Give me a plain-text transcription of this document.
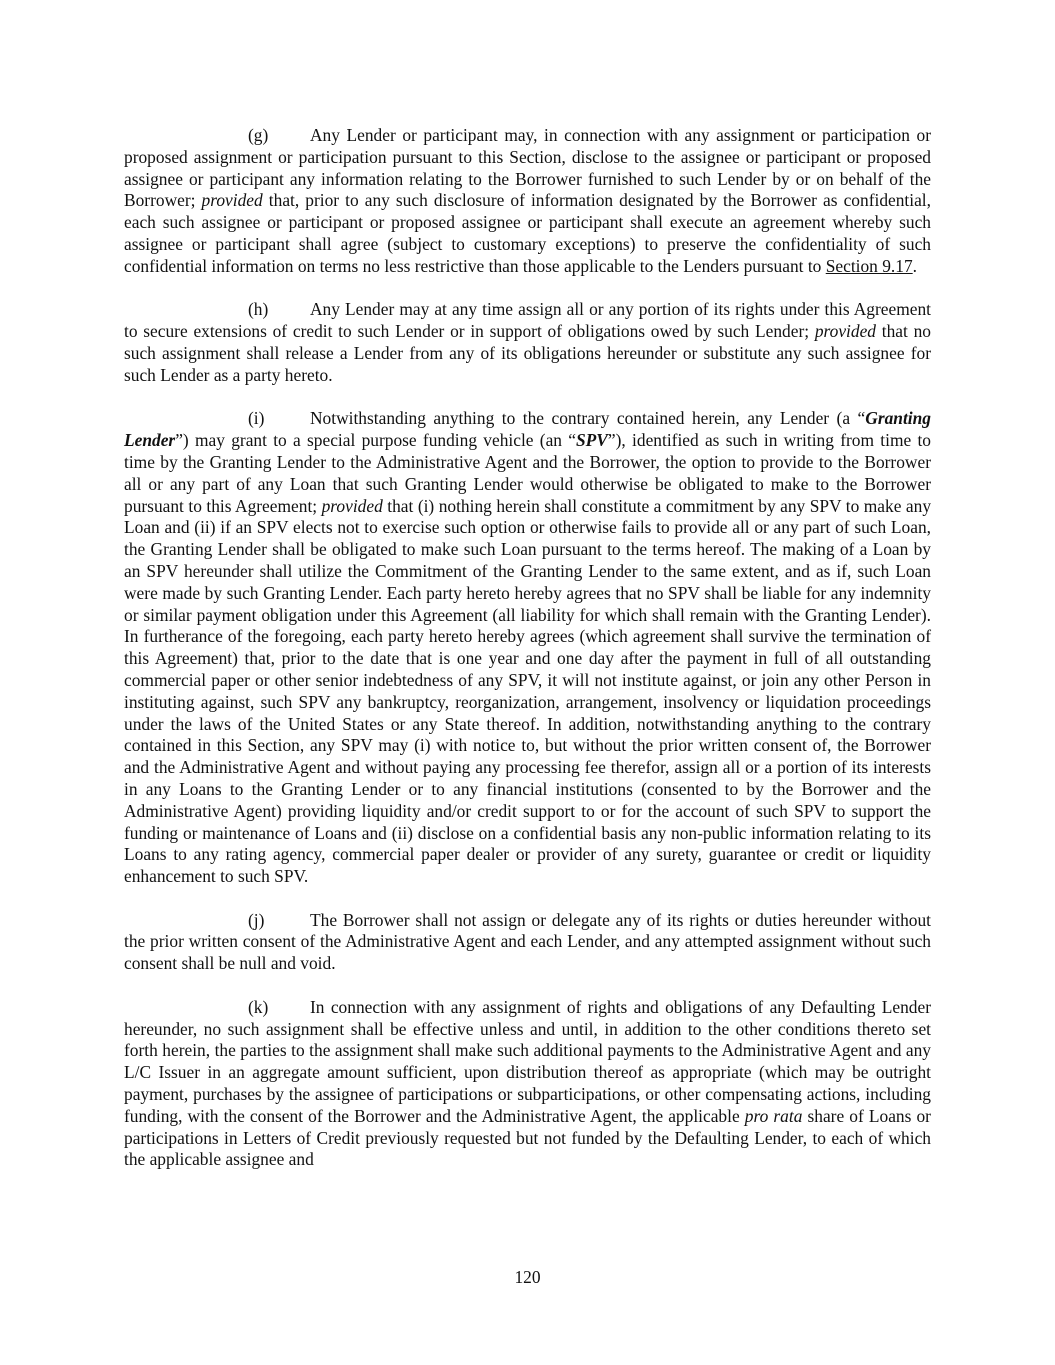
(g) Any Lender or participant may, in connection with any assignment or participation or proposed assignment or participation pursuant to this Section, disclose to the assignee or participant or proposed assignee or participant any information relating to the Borrower furnished to such Lender by or on behalf of the Borrower; provided that, prior to any such disclosure of information designated by the Borrower as confidential, each such assignee or participant or proposed assignee or participant shall execute an agreement whereby such assignee or participant shall agree (subject to customary exceptions) to preserve the confidentiality of such confidential information on terms no less restrictive than those applicable to the Lenders pursuant to Section 9.17.

(h) Any Lender may at any time assign all or any portion of its rights under this Agreement to secure extensions of credit to such Lender or in support of obligations owed by such Lender; provided that no such assignment shall release a Lender from any of its obligations hereunder or substitute any such assignee for such Lender as a party hereto.

(i)	Notwithstanding anything to the contrary contained herein, any Lender (a “Granting Lender”) may grant to a special purpose funding vehicle (an “SPV”), identified as such in writing from time to time by the Granting Lender to the Administrative Agent and the Borrower, the option to provide to the Borrower all or any part of any Loan that such Granting Lender would otherwise be obligated to make to the Borrower pursuant to this Agreement; provided that (i) nothing herein shall constitute a commitment by any SPV to make any Loan and (ii) if an SPV elects not to exercise such option or otherwise fails to provide all or any part of such Loan, the Granting Lender shall be obligated to make such Loan pursuant to the terms hereof. The making of a Loan by an SPV hereunder shall utilize the Commitment of the Granting Lender to the same extent, and as if, such Loan were made by such Granting Lender. Each party hereto hereby agrees that no SPV shall be liable for any indemnity or similar payment obligation under this Agreement (all liability for which shall remain with the Granting Lender). In furtherance of the foregoing, each party hereto hereby agrees (which agreement shall survive the termination of this Agreement) that, prior to the date that is one year and one day after the payment in full of all outstanding commercial paper or other senior indebtedness of any SPV, it will not institute against, or join any other Person in instituting against, such SPV any bankruptcy, reorganization, arrangement, insolvency or liquidation proceedings under the laws of the United States or any State thereof. In addition, notwithstanding anything to the contrary contained in this Section, any SPV may (i) with notice to, but without the prior written consent of, the Borrower and the Administrative Agent and without paying any processing fee therefor, assign all or a portion of its interests in any Loans to the Granting Lender or to any financial institutions (consented to by the Borrower and the Administrative Agent) providing liquidity and/or credit support to or for the account of such SPV to support the funding or maintenance of Loans and (ii) disclose on a confidential basis any non-public information relating to its Loans to any rating agency, commercial paper dealer or provider of any surety, guarantee or credit or liquidity enhancement to such SPV.

(j)	The Borrower shall not assign or delegate any of its rights or duties hereunder without the prior written consent of the Administrative Agent and each Lender, and any attempted assignment without such consent shall be null and void.

(k) In connection with any assignment of rights and obligations of any Defaulting Lender hereunder, no such assignment shall be effective unless and until, in addition to the other conditions thereto set forth herein, the parties to the assignment shall make such additional payments to the Administrative Agent and any L/C Issuer in an aggregate amount sufficient, upon distribution thereof as appropriate (which may be outright payment, purchases by the assignee of participations or subparticipations, or other compensating actions, including funding, with the consent of the Borrower and the Administrative Agent, the applicable pro rata share of Loans or participations in Letters of Credit previously requested but not funded by the Defaulting Lender, to each of which the applicable assignee and

120
